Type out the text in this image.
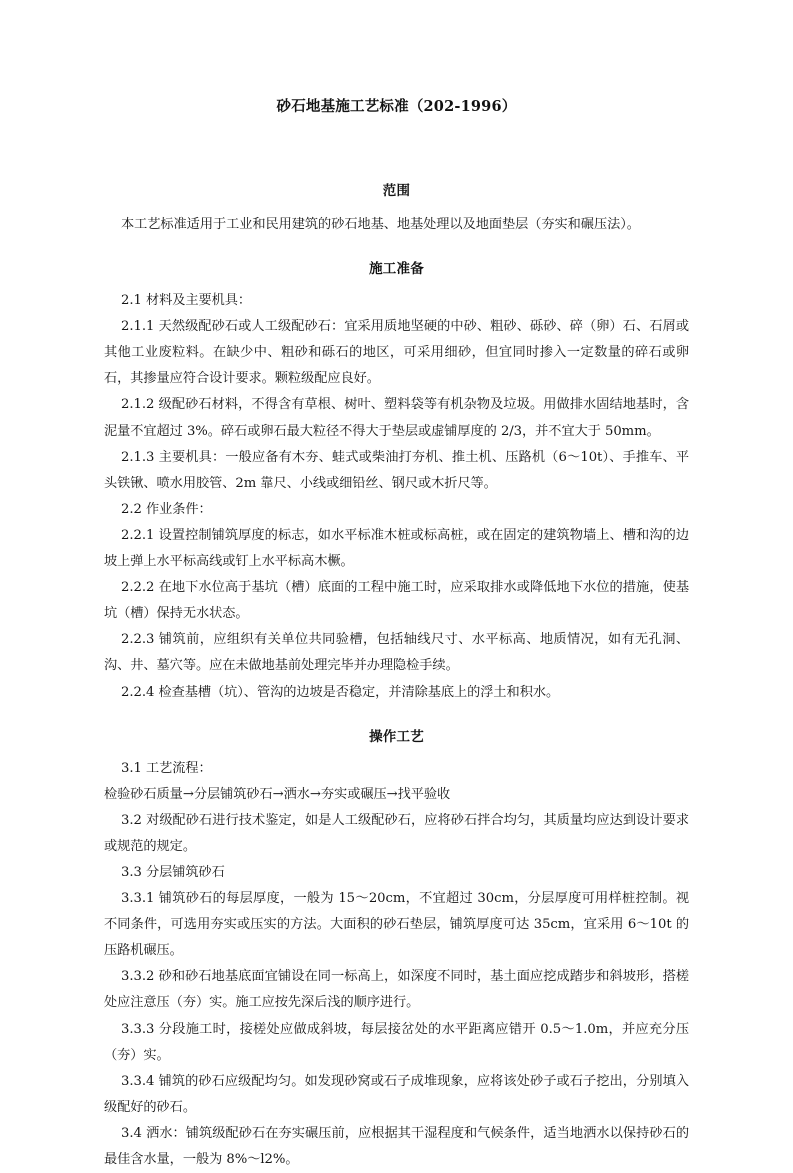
砂石地基施工艺标准（202-1996）
范围

本工艺标准适用于工业和民用建筑的砂石地基、地基处理以及地面垫层（夯实和碾压法）。

施工准备

2.1 材料及主要机具：

2.1.1 天然级配砂石或人工级配砂石：宜采用质地坚硬的中砂、粗砂、砾砂、碎（卵）石、石屑或其他工业废粒料。在缺少中、粗砂和砾石的地区，可采用细砂，但宜同时掺入一定数量的碎石或卵石，其掺量应符合设计要求。颗粒级配应良好。

2.1.2 级配砂石材料，不得含有草根、树叶、塑料袋等有机杂物及垃圾。用做排水固结地基时，含泥量不宜超过 3%。碎石或卵石最大粒径不得大于垫层或虚铺厚度的 2/3，并不宜大于 50mm。

2.1.3 主要机具：一般应备有木夯、蛙式或柴油打夯机、推土机、压路机（6～10t）、手推车、平头铁锹、喷水用胶管、2m 靠尺、小线或细铅丝、钢尺或木折尺等。

2.2 作业条件：

2.2.1 设置控制铺筑厚度的标志，如水平标准木桩或标高桩，或在固定的建筑物墙上、槽和沟的边坡上弹上水平标高线或钉上水平标高木橛。

2.2.2 在地下水位高于基坑（槽）底面的工程中施工时，应采取排水或降低地下水位的措施，使基坑（槽）保持无水状态。

2.2.3 铺筑前，应组织有关单位共同验槽，包括轴线尺寸、水平标高、地质情况，如有无孔洞、沟、井、墓穴等。应在未做地基前处理完毕并办理隐检手续。

2.2.4 检查基槽（坑）、管沟的边坡是否稳定，并清除基底上的浮土和积水。

操作工艺

3.1 工艺流程：

检验砂石质量→分层铺筑砂石→洒水→夯实或碾压→找平验收

3.2 对级配砂石进行技术鉴定，如是人工级配砂石，应将砂石拌合均匀，其质量均应达到设计要求或规范的规定。

3.3 分层铺筑砂石

3.3.1 铺筑砂石的每层厚度，一般为 15～20cm，不宜超过 30cm，分层厚度可用样桩控制。视不同条件，可选用夯实或压实的方法。大面积的砂石垫层，铺筑厚度可达 35cm，宜采用 6～10t 的压路机碾压。

3.3.2 砂和砂石地基底面宜铺设在同一标高上，如深度不同时，基土面应挖成踏步和斜坡形，搭槎处应注意压（夯）实。施工应按先深后浅的顺序进行。

3.3.3 分段施工时，接槎处应做成斜坡，每层接岔处的水平距离应错开 0.5～1.0m，并应充分压（夯）实。

3.3.4 铺筑的砂石应级配均匀。如发现砂窝或石子成堆现象，应将该处砂子或石子挖出，分别填入级配好的砂石。

3.4 洒水：铺筑级配砂石在夯实碾压前，应根据其干湿程度和气候条件，适当地洒水以保持砂石的最佳含水量，一般为 8%～l2%。
